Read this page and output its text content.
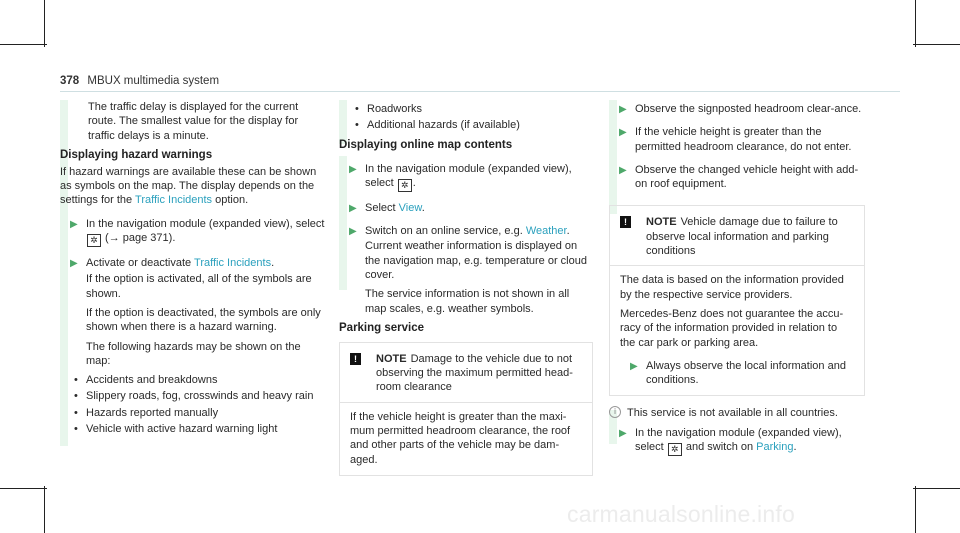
378 MBUX multimedia system

The traffic delay is displayed for the current route. The smallest value for the display for traffic delays is a minute.

Displaying hazard warnings

If hazard warnings are available these can be shown as symbols on the map. The display depends on the settings for the Traffic Incidents option.

▶ In the navigation module (expanded view), select ✲ (→ page 371).
▶ Activate or deactivate Traffic Incidents.

If the option is activated, all of the symbols are shown.

If the option is deactivated, the symbols are only shown when there is a hazard warning.

The following hazards may be shown on the map:

• Accidents and breakdowns
• Slippery roads, fog, crosswinds and heavy rain
• Hazards reported manually
• Vehicle with active hazard warning light
• Roadworks
• Additional hazards (if available)
Displaying online map contents
▶ In the navigation module (expanded view), select ✲ .
▶ Select View.
▶ Switch on an online service, e.g. Weather.

Current weather information is displayed on the navigation map, e.g. temperature or cloud cover.

The service information is not shown in all map scales, e.g. weather symbols.

Parking service
!	NOTE Damage to the vehicle due to not observing the maximum permitted head-room clearance
If the vehicle height is greater than the maxi-mum permitted headroom clearance, the roof and other parts of the vehicle may be dam-aged.
▶ Observe the signposted headroom clear-ance.
▶ If the vehicle height is greater than the permitted headroom clearance, do not enter.
▶ Observe the changed vehicle height with add-on roof equipment.
!	NOTE Vehicle damage due to failure to observe local information and parking conditions

The data is based on the information provided by the respective service providers.

Mercedes-Benz does not guarantee the accu-racy of the information provided in relation to the car park or parking area.

▶ Always observe the local information and conditions.
i	This service is not available in all countries.
▶ In the navigation module (expanded view), select ✲ and switch on Parking.
carmanualsonline.info
